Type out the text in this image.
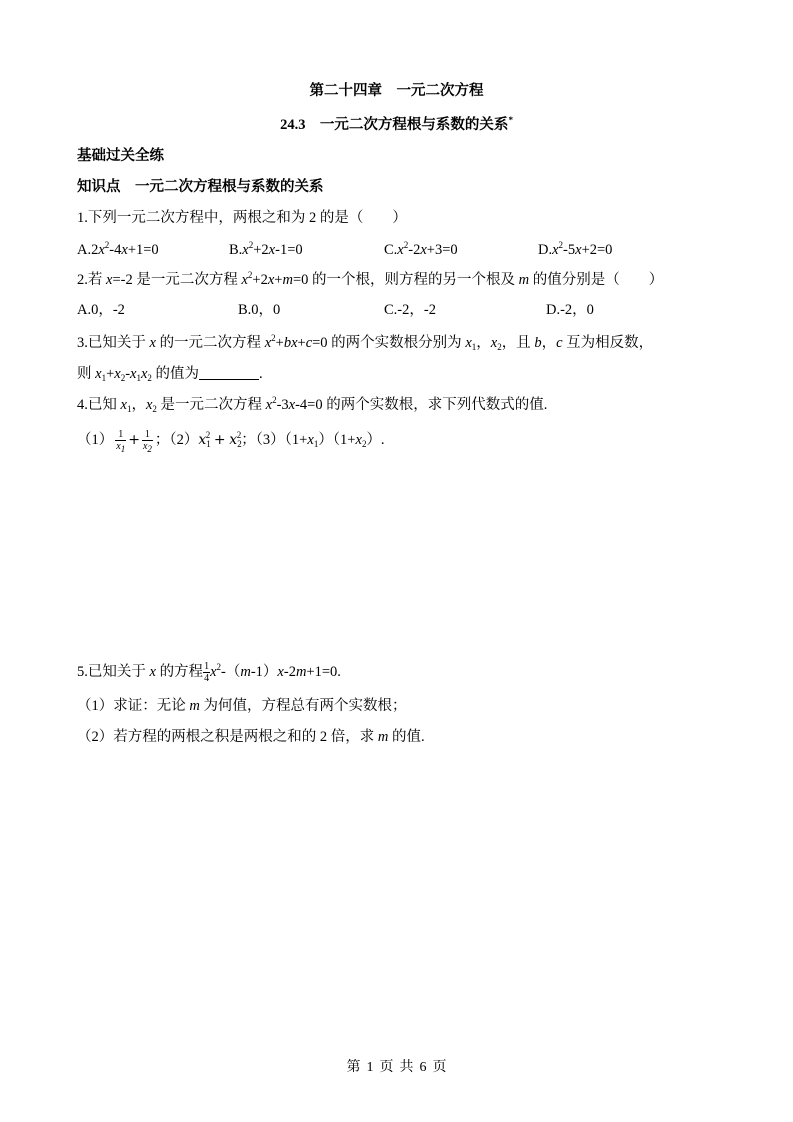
第二十四章　一元二次方程
24.3　一元二次方程根与系数的关系*
基础过关全练
知识点　一元二次方程根与系数的关系
1.下列一元二次方程中，两根之和为 2 的是（　　）
$A.2x^2-4x+1=0$	$B.x^2+2x-1=0$	$C.x^2-2x+3=0$	$D.x^2-5x+2=0$
2.若 x=-2 是一元二次方程 $x^2+2x+m=0$ 的一个根，则方程的另一个根及 m 的值分别是（　　）
A.0，-2	B.0，0	C.-2，-2	D.-2，0
3.已知关于 x 的一元二次方程 $x^2+bx+c=0$ 的两个实数根分别为 $x_1$，$x_2$，且 b，c 互为相反数，
则 $x_1+x_2-x_1x_2$ 的值为	.
4.已知 $x_1$，$x_2$ 是一元二次方程 $x^2-3x-4=0$ 的两个实数根，求下列代数式的值.
$(1) \frac{1}{x_1} + \frac{1}{x_2}$ ；$(2)x_1^2 + x_2^2$；$(3)(1+x_1)(1+x_2)$.
5.已知关于 x 的方程 $\frac{1}{4} x^2-(m-1)x-2m+1=0$.
（1）求证：无论 m 为何值，方程总有两个实数根；
（2）若方程的两根之积是两根之和的 2 倍，求 m 的值.
第 1 页 共 6 页
